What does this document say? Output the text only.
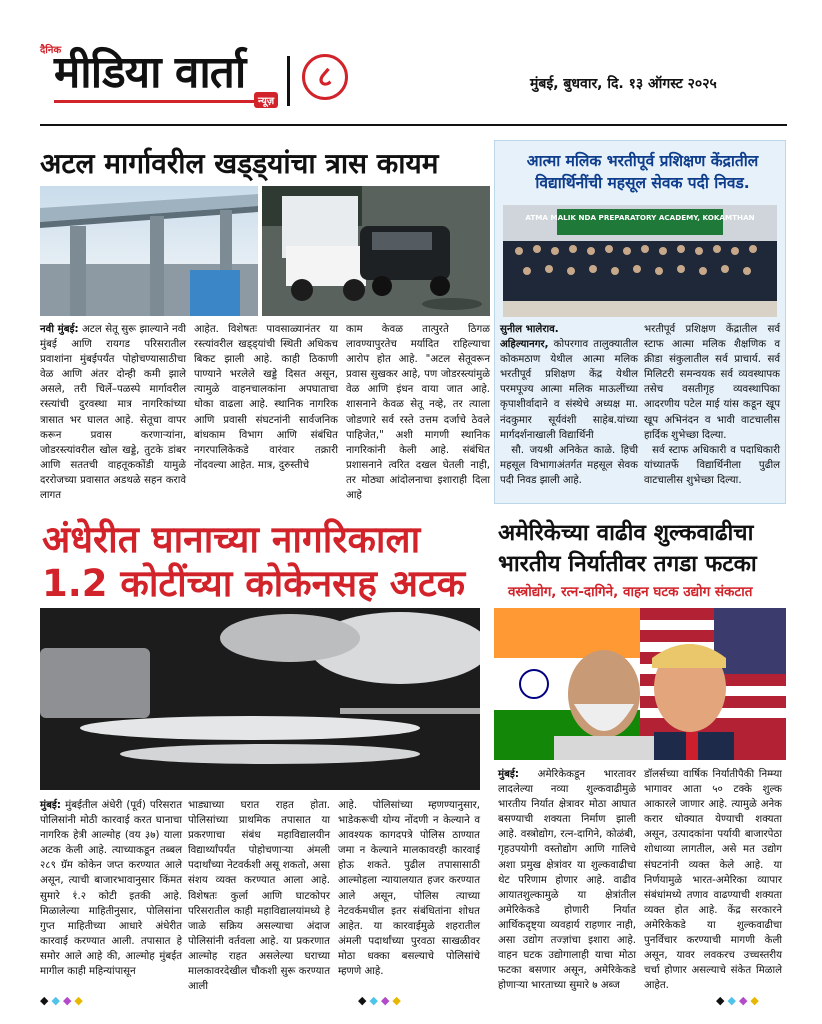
दैनिक
मीडिया वार्ता
न्यूज़
८	मुंबई, बुधवार, दि. १३ ऑगस्ट २०२५
अटल मार्गावरील खड्ड्यांचा त्रास कायम
नवी मुंबई: अटल सेतू सुरू झाल्याने नवी मुंबई आणि रायगड परिसरातील प्रवाशांना मुंबईपर्यंत पोहोचण्यासाठीचा वेळ आणि अंतर दोन्ही कमी झाले असले, तरी चिर्ले–पळस्पे मार्गावरील रस्त्यांची दुरवस्था मात्र नागरिकांच्या त्रासात भर घालत आहे. सेतूचा वापर करून प्रवास करणाऱ्यांना, जोडरस्त्यांवरील खोल खड्डे, तुटके डांबर आणि सततची वाहतूककोंडी यामुळे दररोजच्या प्रवासात अडथळे सहन करावे लागत
आहेत. विशेषतः पावसाळ्यानंतर या रस्त्यांवरील खड्ड्यांची स्थिती अधिकच बिकट झाली आहे. काही ठिकाणी पाण्याने भरलेले खड्डे दिसत असून, त्यामुळे वाहनचालकांना अपघाताचा धोका वाढला आहे. स्थानिक नागरिक आणि प्रवासी संघटनांनी सार्वजनिक बांधकाम विभाग आणि संबंधित नगरपालिकेकडे वारंवार तक्रारी नोंदवल्या आहेत. मात्र, दुरुस्तीचे
काम केवळ तात्पुरते ठिगळ लावण्यापुरतेच मर्यादित राहिल्याचा आरोप होत आहे. "अटल सेतूवरून प्रवास सुखकर आहे, पण जोडरस्त्यांमुळे वेळ आणि इंधन वाया जात आहे. शासनाने केवळ सेतू नव्हे, तर त्याला जोडणारे सर्व रस्ते उत्तम दर्जाचे ठेवले पाहिजेत," अशी मागणी स्थानिक नागरिकांनी केली आहे. संबंधित प्रशासनाने त्वरित दखल घेतली नाही, तर मोठ्या आंदोलनाचा इशाराही दिला आहे
आत्मा मलिक भरतीपूर्व प्रशिक्षण केंद्रातील विद्यार्थिनींची महसूल सेवक पदी निवड.
ATMA MALIK NDA PREPARATORY ACADEMY, KOKAMTHAN
सुनील भालेराव.
अहिल्यानगर, कोपरगाव तालुक्यातील कोकमठाण येथील आत्मा मलिक भरतीपूर्व प्रशिक्षण केंद्र येथील परमपूज्य आत्मा मलिक माऊलींच्या कृपाशीर्वादाने व संस्थेचे अध्यक्ष मा. नंदकुमार सूर्यवंशी साहेब.यांच्या मार्गदर्शनाखाली विद्यार्थिनी
सौ. जयश्री अनिकेत काळे. हिची महसूल विभागाअंतर्गत महसूल सेवक पदी निवड झाली आहे.
भरतीपूर्व प्रशिक्षण केंद्रातील सर्व स्टाफ आत्मा मलिक शैक्षणिक व क्रीडा संकुलातील सर्व प्राचार्य. सर्व मिलिटरी समन्वयक सर्व व्यवस्थापक तसेच वसतीगृह व्यवस्थापिका आदरणीय पटेल माई यांस कडून खूप खूप अभिनंदन व भावी वाटचालीस हार्दिक शुभेच्छा दिल्या.
सर्व स्टाफ अधिकारी व पदाधिकारी यांच्यातर्फे विद्यार्थिनीला पुढील वाटचालीस शुभेच्छा दिल्या.
अंधेरीत घानाच्या नागरिकाला
1.2 कोटींच्या कोकेनसह अटक
मुंबई: मुंबईतील अंधेरी (पूर्व) परिसरात पोलिसांनी मोठी कारवाई करत घानाचा नागरिक हेत्री आल्मोह (वय ३७) याला अटक केली आहे. त्याच्याकडून तब्बल २८९ ग्रॅम कोकेन जप्त करण्यात आले असून, त्याची बाजारभावानुसार किंमत सुमारे १ं.२ कोटी इतकी आहे. मिळालेल्या माहितीनुसार, पोलिसांना गुप्त माहितीच्या आधारे अंधेरीत कारवाई करण्यात आली. तपासात हे समोर आले आहे की, आल्मोह मुंबईत मागील काही महिन्यांपासून
भाड्याच्या घरात राहत होता. पोलिसांच्या प्राथमिक तपासात या प्रकरणाचा संबंध महाविद्यालयीन विद्यार्थ्यांपर्यंत पोहोचणाऱ्या अंमली पदार्थांच्या नेटवर्कशी असू शकतो, असा संशय व्यक्त करण्यात आला आहे. विशेषतः कुर्ला आणि घाटकोपर परिसरातील काही महाविद्यालयांमध्ये हे जाळे सक्रिय असल्याचा अंदाज पोलिसांनी वर्तवला आहे. या प्रकरणात आल्मोह राहत असलेल्या घराच्या मालकावरदेखील चौकशी सुरू करण्यात आली
आहे. पोलिसांच्या म्हणण्यानुसार, भाडेकरूची योग्य नोंदणी न केल्याने व आवश्यक कागदपत्रे पोलिस ठाण्यात जमा न केल्याने मालकावरही कारवाई होऊ शकते. पुढील तपासासाठी आल्मोहला न्यायालयात हजर करण्यात आले असून, पोलिस त्याच्या नेटवर्कमधील इतर संबंधितांना शोधत आहेत. या कारवाईमुळे शहरातील अंमली पदार्थांच्या पुरवठा साखळीवर मोठा धक्का बसल्याचे पोलिसांचे म्हणणे आहे.
अमेरिकेच्या वाढीव शुल्कवाढीचा
भारतीय निर्यातीवर तगडा फटका
वस्त्रोद्योग, रत्न-दागिने, वाहन घटक उद्योग संकटात
मुंबई: अमेरिकेकडून भारतावर लादलेल्या नव्या शुल्कवाढीमुळे भारतीय निर्यात क्षेत्रावर मोठा आघात बसण्याची शक्यता निर्माण झाली आहे. वस्त्रोद्योग, रत्न-दागिने, कोळंबी, गृहउपयोगी वस्तोद्योग आणि गालिचे अशा प्रमुख क्षेत्रांवर या शुल्कवाढीचा थेट परिणाम होणार आहे. वाढीव आयातशुल्कामुळे या क्षेत्रांतील अमेरिकेकडे होणारी निर्यात आर्थिकदृष्ट्या व्यवहार्य राहणार नाही, असा उद्योग तज्ज्ञांचा इशारा आहे. वाहन घटक उद्योगालाही याचा मोठा फटका बसणार असून, अमेरिकेकडे होणाऱ्या भारताच्या सुमारे ७ अब्ज
डॉलर्सच्या वार्षिक निर्यातीपैकी निम्म्या भागावर आता ५० टक्के शुल्क आकारले जाणार आहे. त्यामुळे अनेक करार धोक्यात येण्याची शक्यता असून, उत्पादकांना पर्यायी बाजारपेठा शोधाव्या लागतील, असे मत उद्योग संघटनांनी व्यक्त केले आहे. या निर्णयामुळे भारत-अमेरिका व्यापार संबंधांमध्ये तणाव वाढण्याची शक्यता व्यक्त होत आहे. केंद्र सरकारने अमेरिकेकडे या शुल्कवाढीचा पुनर्विचार करण्याची मागणी केली असून, यावर लवकरच उच्चस्तरीय चर्चा होणार असल्याचे संकेत मिळाले आहेत.
◆◆◆◆	◆◆◆◆	◆◆◆◆
